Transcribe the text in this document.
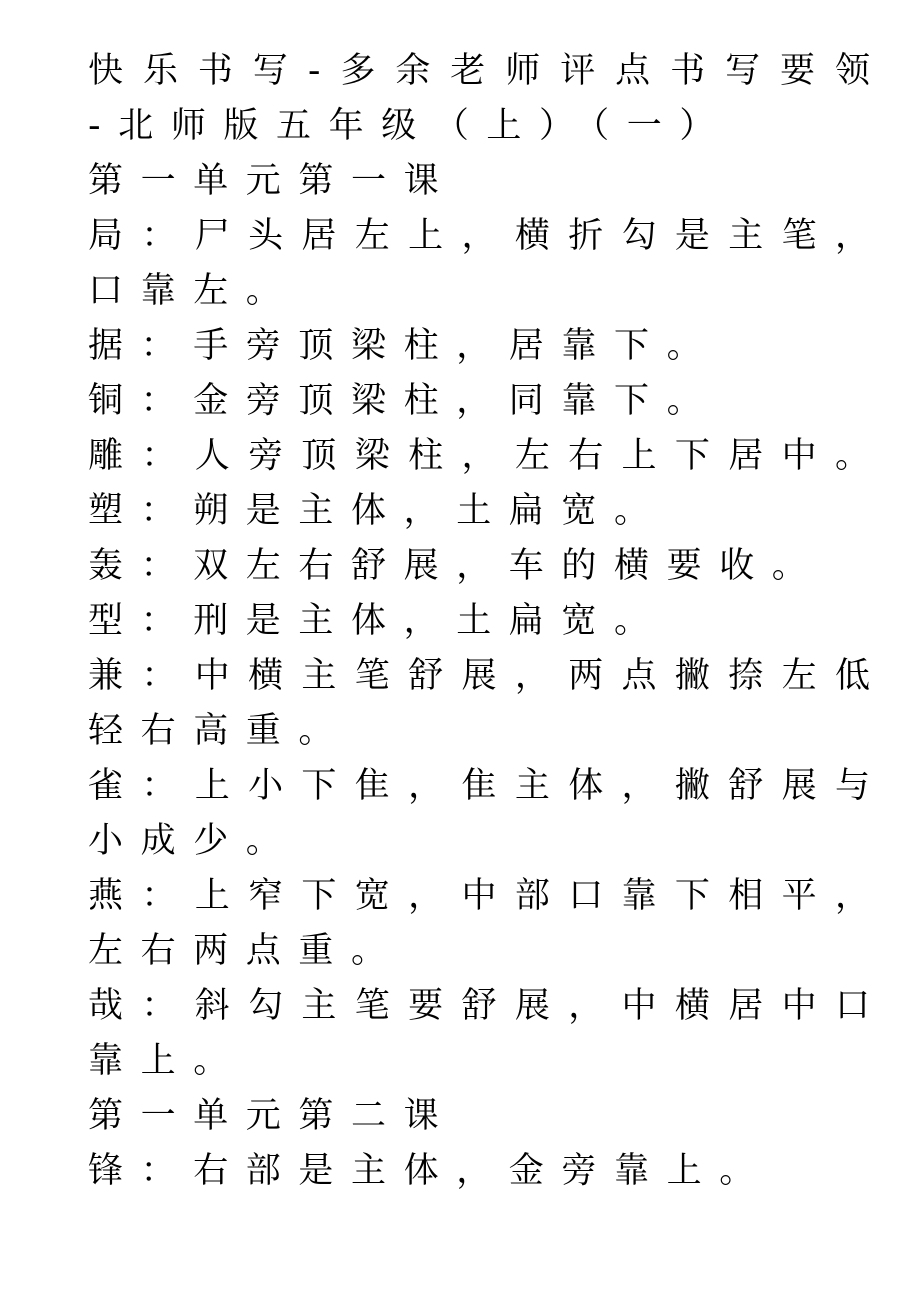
快​乐​书​写​-​多​余​老​师​评​点​书​写​要​领
-北师版五年级（上）（一）
第一单元第一课
局​：​尸​头​居​左​上​，​横​折​勾​是​主​笔​，
口靠左。
据：手旁顶梁柱，居靠下。
铜：金旁顶梁柱，同靠下。
雕​：​人​旁​顶​梁​柱​，​左​右​上​下​居​中​。
塑：朔是主体，土扁宽。
轰：双左右舒展，车的横要收。
型：刑是主体，土扁宽。
兼​：​中​横​主​笔​舒​展​，​两​点​撇​捺​左​低
轻右高重。
雀​：​上​小​下​隹​，​隹​主​体​，​撇​舒​展​与
小成少。
燕​：​上​窄​下​宽​，​中​部​口​靠​下​相​平​，
左右两点重。
哉​：​斜​勾​主​笔​要​舒​展​，​中​横​居​中​口
靠上。
第一单元第二课
锋：右部是主体，金旁靠上。
